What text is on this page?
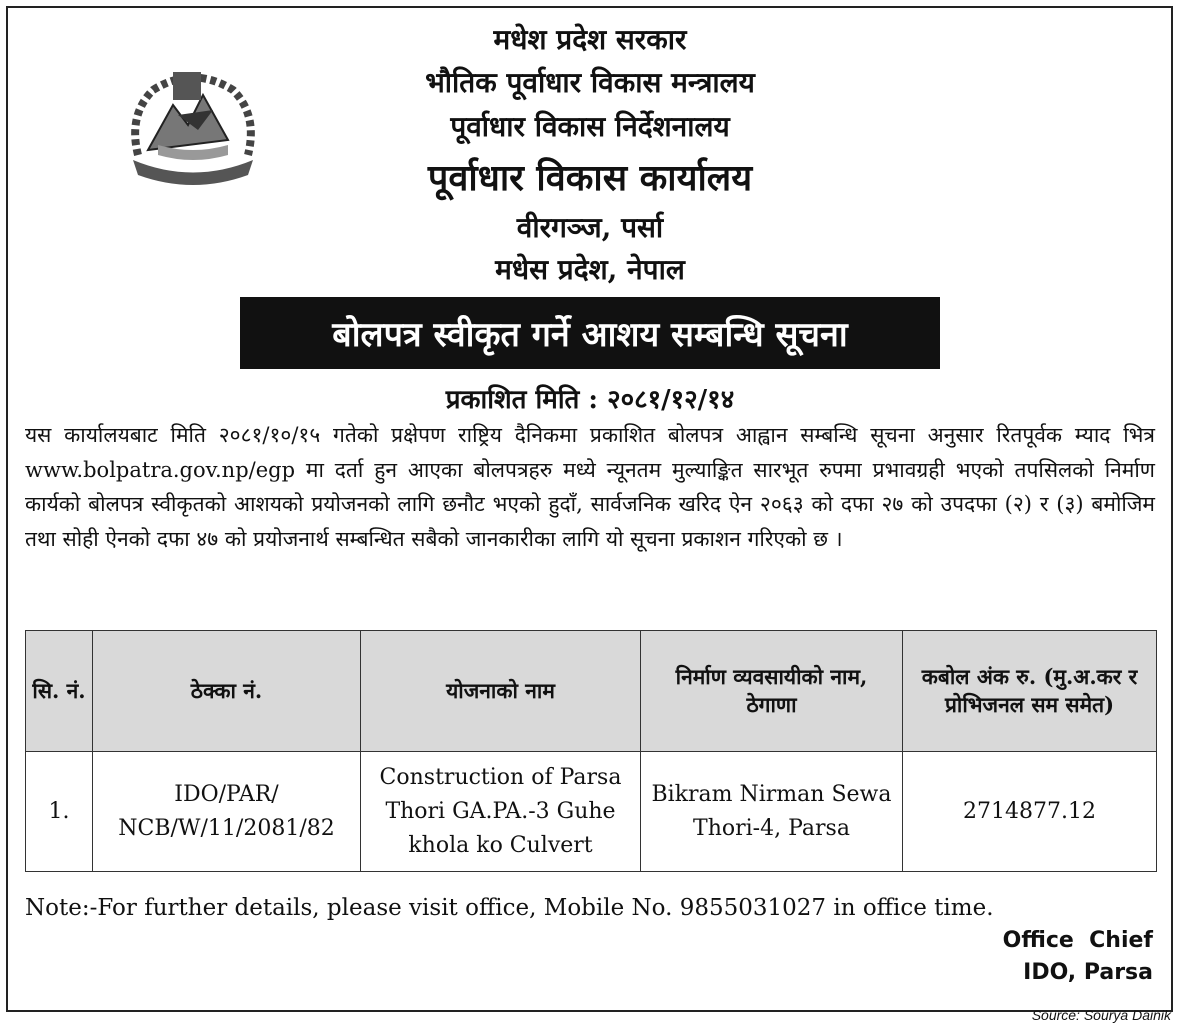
मधेश प्रदेश सरकार

भौतिक पूर्वाधार विकास मन्त्रालय

पूर्वाधार विकास निर्देशनालय

पूर्वाधार विकास कार्यालय

वीरगञ्ज, पर्सा

मधेस प्रदेश, नेपाल

बोलपत्र स्वीकृत गर्ने आशय सम्बन्धि सूचना
प्रकाशित मिति : २०८१/१२/१४

यस कार्यालयबाट मिति २०८१/१०/१५ गतेको प्रक्षेपण राष्ट्रिय दैनिकमा प्रकाशित बोलपत्र आह्वान सम्बन्धि सूचना अनुसार रितपूर्वक म्याद भित्र www.bolpatra.gov.np/egp मा दर्ता हुन आएका बोलपत्रहरु मध्ये न्यूनतम मुल्याङ्कित सारभूत रुपमा प्रभावग्रही भएको तपसिलको निर्माण कार्यको बोलपत्र स्वीकृतको आशयको प्रयोजनको लागि छनौट भएको हुदाँ, सार्वजनिक खरिद ऐन २०६३ को दफा २७ को उपदफा (२) र (३) बमोजिम तथा सोही ऐनको दफा ४७ को प्रयोजनार्थ सम्बन्धित सबैको जानकारीका लागि यो सूचना प्रकाशन गरिएको छ ।

सि. नं.	ठेक्का नं.	योजनाको नाम	निर्माण व्यवसायीको नाम, ठेगाणा	कबोल अंक रु. (मु.अ.कर र प्रोभिजनल सम समेत)
1.	IDO/PAR/ NCB/W/11/2081/82	Construction of Parsa Thori GA.PA.-3 Guhe khola ko Culvert	Bikram Nirman Sewa Thori-4, Parsa	2714877.12

Note:-For further details, please visit office, Mobile No. 9855031027 in office time.

Office  Chief
IDO, Parsa
Source: Sourya Dainik
